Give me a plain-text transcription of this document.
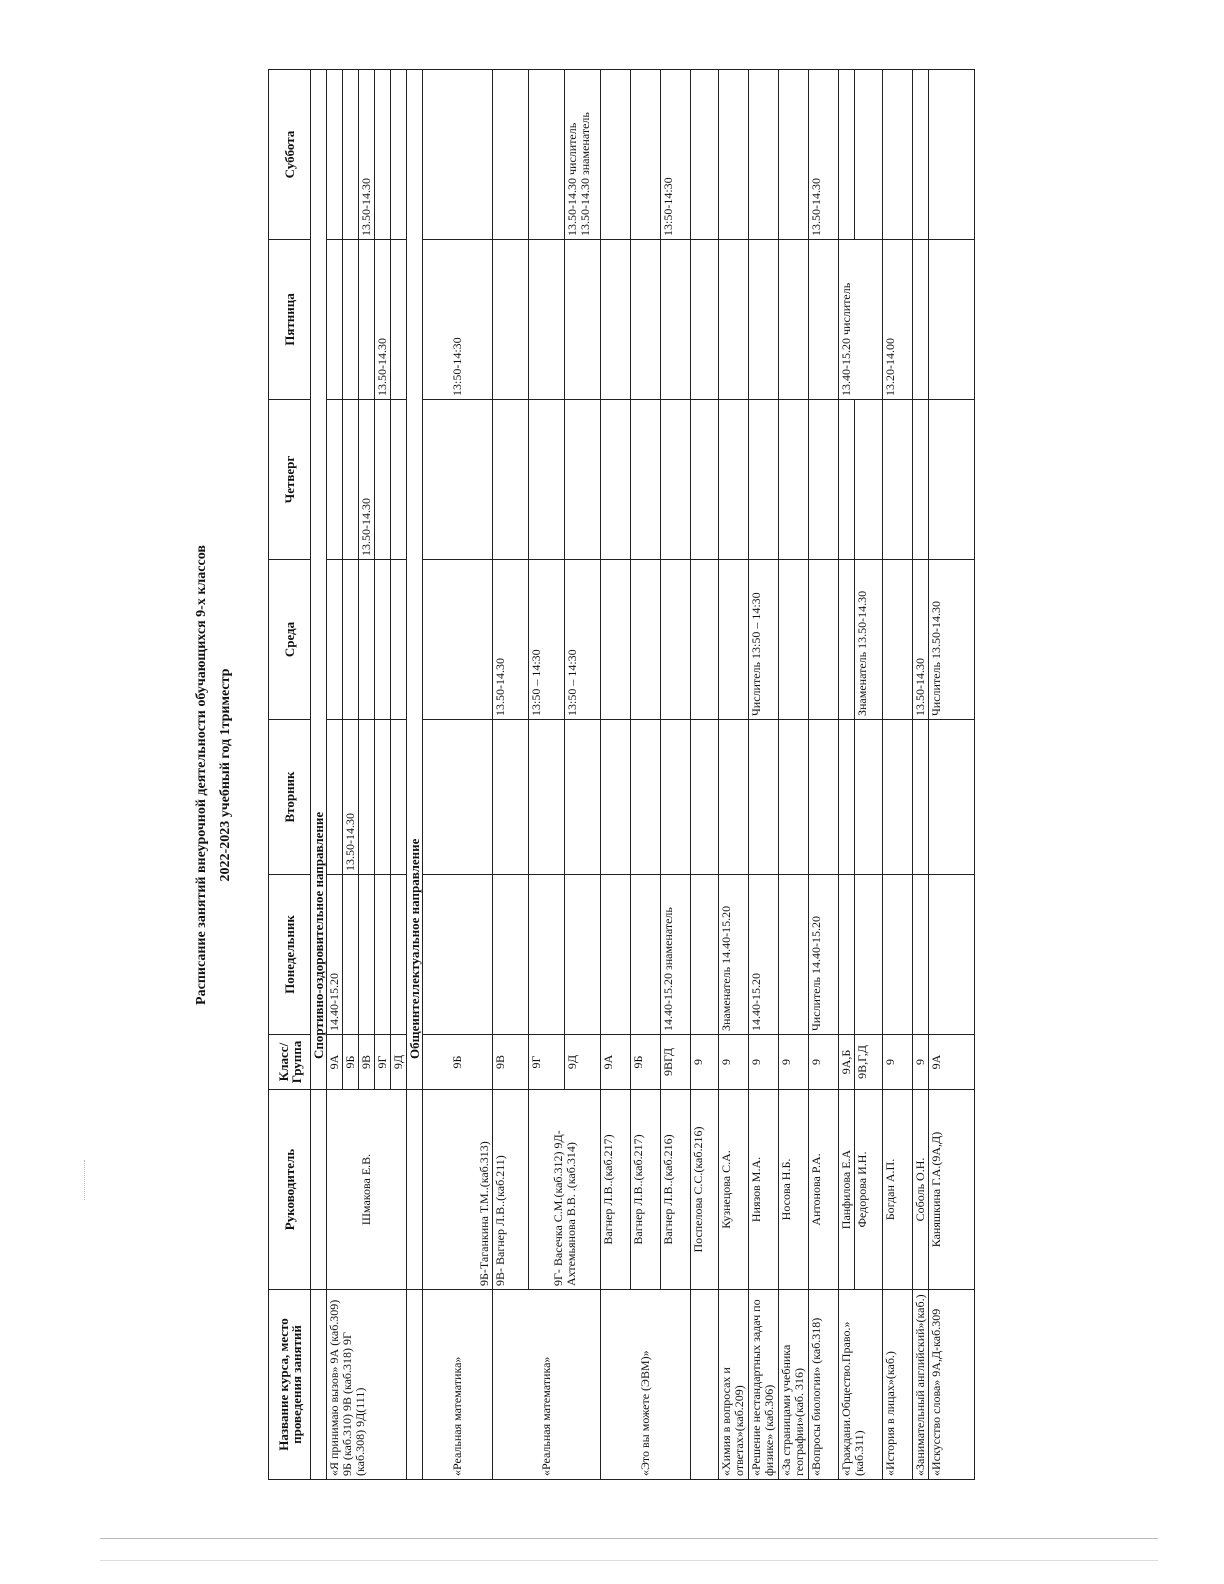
Расписание занятий внеурочной деятельности обучающихся 9-х классов 2022-2023 учебный год 1триместр
Название курса, место проведения занятий	Руководитель	Класс/ Группа	Понедельник	Вторник	Среда	Четверг	Пятница	Суббота
		Спортивно-оздоровительное направление						
«Я принимаю вызов» 9А (каб.309) 9Б (каб.310) 9В (каб.318) 9Г (каб.308) 9Д(111)	Шмакова Е.В.	9А	14.40-15.20					
		9Б		13.50-14.30				
		9В				13.50-14.30		13.50-14.30
		9Г					13.50-14.30	
		9Д						
		Общеинтеллектуальное направление						
«Реальная математика»	9Б-Таганкина Т.М..(каб.313)	9Б					13:50-14:30	
«Реальная математика»	9В- Вагнер Л.В..(каб.211)	9В			13.50-14.30			
	9Г- Васечка С.М.(каб.312) 9Д- Ахтемьянова В.В. .(каб.314)	9Г			13:50 – 14:30			
		9Д			13:50 – 14:30			13.50-14.30 числитель 13.50-14.30 знаменатель

«Это вы можете (ЭВМ)»	Вагнер Л.В..(каб.217)	9А						
	Вагнер Л.В..(каб.217)	9Б						
	Вагнер Л.В..(каб.216)	9ВГД	14.40-15.20 знаменатель					13:50-14:30
	Поспелова С.С.(каб.216)	9						
«Химия в вопросах и ответах»(каб.209)	Кузнецова С.А.	9	Знаменатель 14.40-15.20					
«Решение нестандартных задач по физике» (каб.306)	Ниязов М.А.	9	14.40-15.20		Числитель 13:50 – 14:30			
«За страницами учебника географии»(каб. 316)	Носова Н.Б.	9						
«Вопросы биологии» (каб.318)	Антонова Р.А.	9	Числитель 14.40-15.20					13.50-14.30
«Граждани.Общество.Право.» (каб.311)	Панфилова Е.А	9А,Б					13.40-15.20 числитель	
	Федорова И.Н.	9В,Г,Д			Знаменатель 13.50-14.30			
«История в лицах»(каб.)	Богдан А.П.	9					13.20-14.00	
«Занимательный английский»(каб.)	Соболь О.Н.	9			13.50-14.30			
«Искусство слова» 9А,Д-каб.309	Каняшкина Г.А.(9А,Д)	9А			Числитель 13.50-14.30			
